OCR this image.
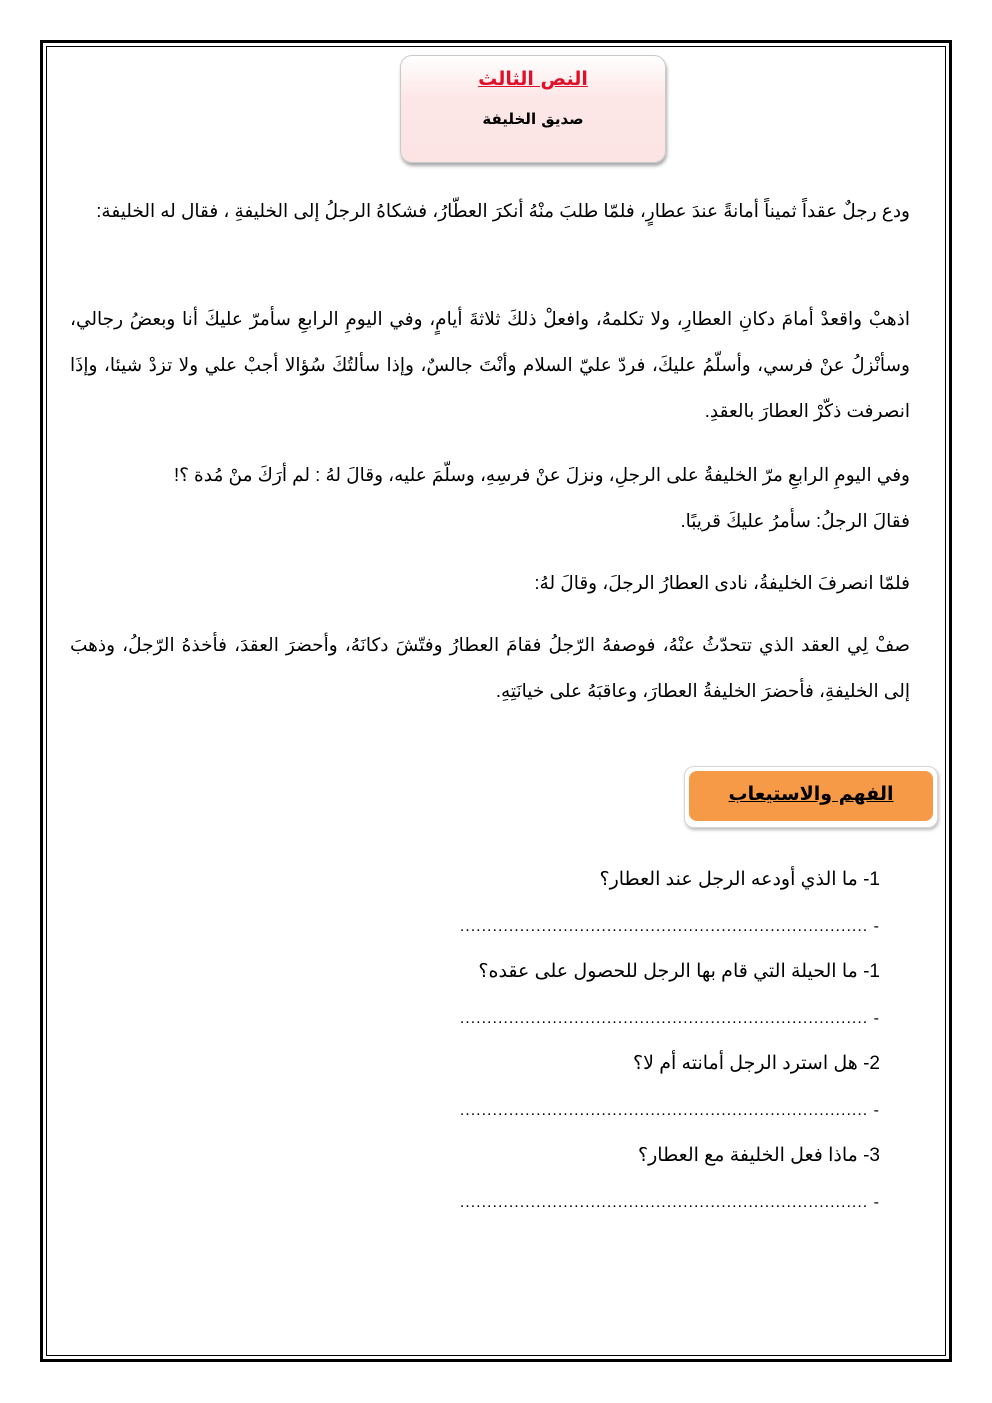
النص الثالث
صديق الخليفة
ودع رجلٌ عقداً ثميناً أمانةً عندَ عطارٍ، فلمّا طلبَ منْهُ أنكرَ العطّارُ، فشكاهُ الرجلُ إلى الخليفةِ ، فقال له الخليفة:
اذهبْ واقعدْ أمامَ دكانِ العطارِ، ولا تكلمهُ، وافعلْ ذلكَ ثلاثةَ أيامٍ، وفي اليومِ الرابعِ سأمرّ عليكَ أنا وبعضُ رجالي، وسأنْزلُ عنْ فرسي، وأسلّمُ عليكَ، فردّ عليّ السلام وأنْتَ جالسٌ، وإذا سألتُكَ سُؤالا أجبْ علي ولا تزدْ شيئا، وإذَا انصرفت ذكّرْ العطارَ بالعقدِ.
وفي اليومِ الرابعِ مرّ الخليفةُ على الرجلِ، ونزلَ عنْ فرسِهِ، وسلّمَ عليه، وقالَ لهُ : لم أرَكَ منْ مُدة ؟!
فقالَ الرجلُ: سأمرُ عليكَ قريبًا.
فلمّا انصرفَ الخليفةُ، نادى العطارُ الرجلَ، وقالَ لهُ:
صفْ لِي العقد الذي تتحدّثُ عنْهُ، فوصفهُ الرّجلُ فقامَ العطارُ وفتّشَ دكانَهُ، وأحضرَ العقدَ، فأخذهُ الرّجلُ، وذهبَ إلى الخليفةِ، فأحضرَ الخليفةُ العطارَ، وعاقبَهُ على خيانَتِهِ.
الفهم والاستيعاب
1- ما الذي أودعه الرجل عند العطار؟
- ...........................................................................
1- ما الحيلة التي قام بها الرجل للحصول على عقده؟
- ...........................................................................
2- هل استرد الرجل أمانته أم لا؟
- ...........................................................................
3- ماذا فعل الخليفة مع العطار؟
- ...........................................................................
